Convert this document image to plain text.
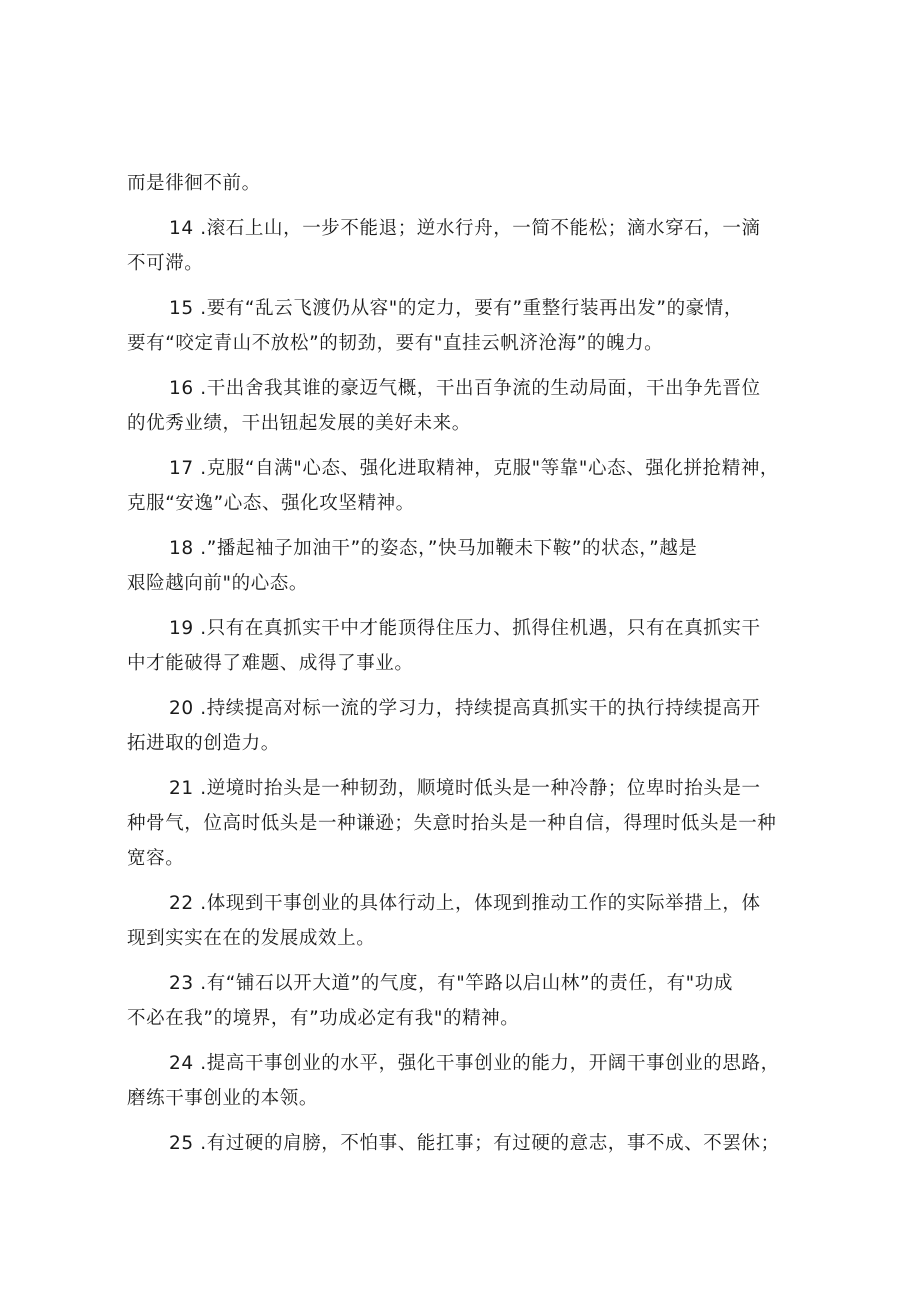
而是徘徊不前。
14 .滚石上山，一步不能退；逆水行舟，一简不能松；滴水穿石，一滴
不可滞。
15 .要有“乱云飞渡仍从容"的定力，要有”重整行装再出发”的豪情，
要有“咬定青山不放松”的韧劲，要有"直挂云帆济沧海”的魄力。
16 .干出舍我其谁的豪迈气概，干出百争流的生动局面，干出争先晋位
的优秀业绩，干出钮起发展的美好未来。
17 .克服“自满"心态、强化进取精神，克服"等靠"心态、强化拼抢精神，
克服“安逸”心态、强化攻坚精神。
18 .”播起袖子加油干”的姿态，”快马加鞭未下鞍”的状态，”越是
艰险越向前"的心态。
19 .只有在真抓实干中才能顶得住压力、抓得住机遇，只有在真抓实干
中才能破得了难题、成得了事业。
20 .持续提高对标一流的学习力，持续提高真抓实干的执行持续提高开
拓进取的创造力。
21 .逆境时抬头是一种韧劲，顺境时低头是一种冷静；位卑时抬头是一
种骨气，位高时低头是一种谦逊；失意时抬头是一种自信，得理时低头是一种
宽容。
22 .体现到干事创业的具体行动上，体现到推动工作的实际举措上，体
现到实实在在的发展成效上。
23 .有“铺石以开大道”的气度，有"竿路以启山林”的责任，有"功成
不必在我”的境界，有”功成必定有我"的精神。
24 .提高干事创业的水平，强化干事创业的能力，开阔干事创业的思路，
磨练干事创业的本领。
25 .有过硬的肩膀，不怕事、能扛事；有过硬的意志，事不成、不罢休；
